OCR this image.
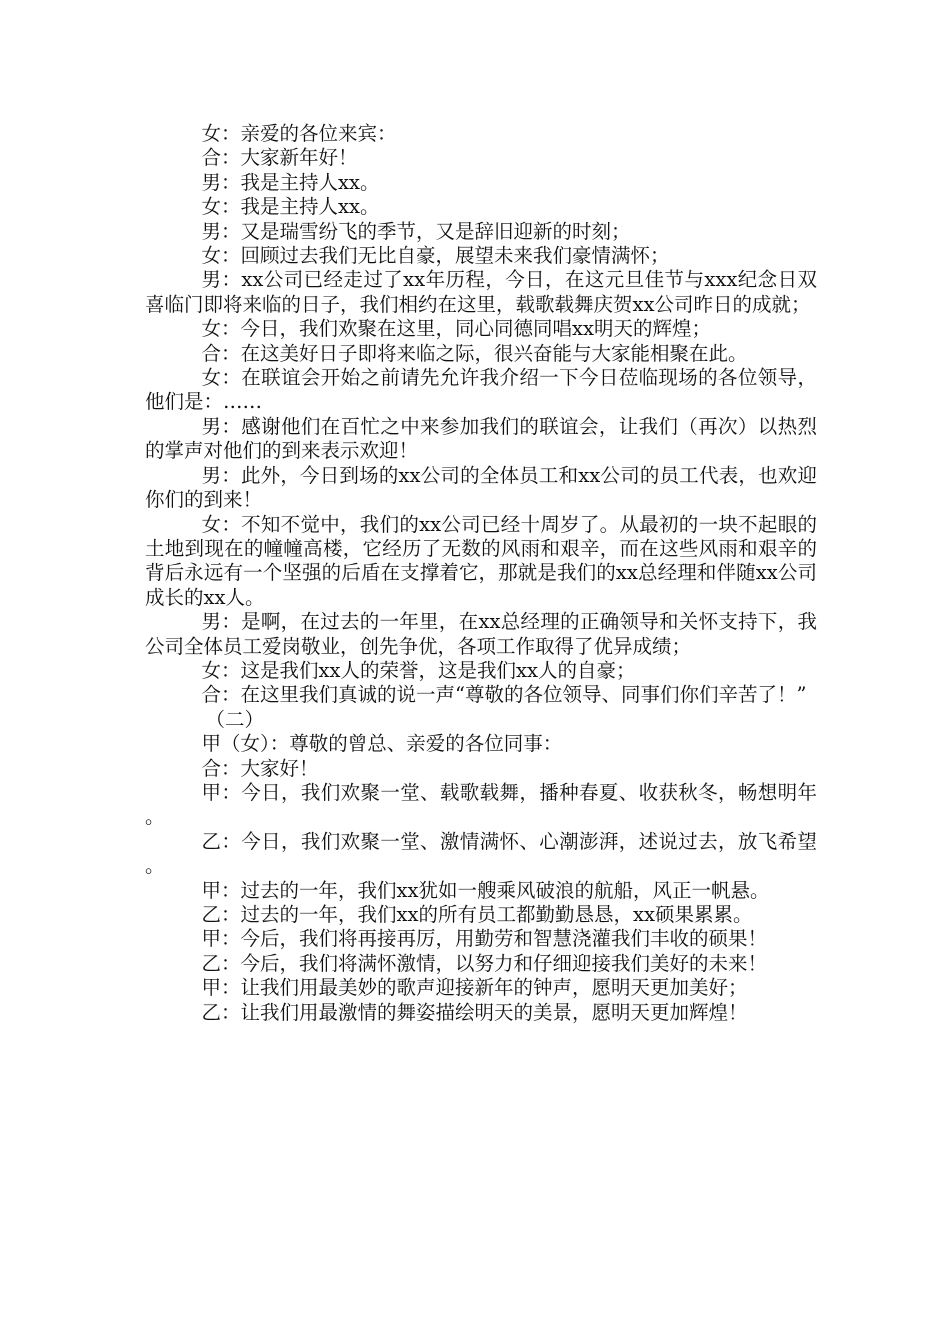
女：亲爱的各位来宾：

合：大家新年好！

男：我是主持人xx。

女：我是主持人xx。

男：又是瑞雪纷飞的季节，又是辞旧迎新的时刻；

女：回顾过去我们无比自豪，展望未来我们豪情满怀；

男：xx公司已经走过了xx年历程，今日，在这元旦佳节与xxx纪念日双喜临门即将来临的日子，我们相约在这里，载歌载舞庆贺xx公司昨日的成就；

女：今日，我们欢聚在这里，同心同德同唱xx明天的辉煌；

合：在这美好日子即将来临之际，很兴奋能与大家能相聚在此。

女：在联谊会开始之前请先允许我介绍一下今日莅临现场的各位领导，他们是：……

男：感谢他们在百忙之中来参加我们的联谊会，让我们（再次）以热烈的掌声对他们的到来表示欢迎！

男：此外，今日到场的xx公司的全体员工和xx公司的员工代表，也欢迎你们的到来！

女：不知不觉中，我们的xx公司已经十周岁了。从最初的一块不起眼的土地到现在的幢幢高楼，它经历了无数的风雨和艰辛，而在这些风雨和艰辛的背后永远有一个坚强的后盾在支撑着它，那就是我们的xx总经理和伴随xx公司成长的xx人。

男：是啊，在过去的一年里，在xx总经理的正确领导和关怀支持下，我公司全体员工爱岗敬业，创先争优，各项工作取得了优异成绩；

女：这是我们xx人的荣誉，这是我们xx人的自豪；

合：在这里我们真诚的说一声“尊敬的各位领导、同事们你们辛苦了！”

（二）

甲（女）：尊敬的曾总、亲爱的各位同事：

合：大家好！

甲：今日，我们欢聚一堂、载歌载舞，播种春夏、收获秋冬，畅想明年。

乙：今日，我们欢聚一堂、激情满怀、心潮澎湃，述说过去，放飞希望。

甲：过去的一年，我们xx犹如一艘乘风破浪的航船，风正一帆悬。

乙：过去的一年，我们xx的所有员工都勤勤恳恳，xx硕果累累。

甲：今后，我们将再接再厉，用勤劳和智慧浇灌我们丰收的硕果！

乙：今后，我们将满怀激情，以努力和仔细迎接我们美好的未来！

甲：让我们用最美妙的歌声迎接新年的钟声，愿明天更加美好；

乙：让我们用最激情的舞姿描绘明天的美景，愿明天更加辉煌！
